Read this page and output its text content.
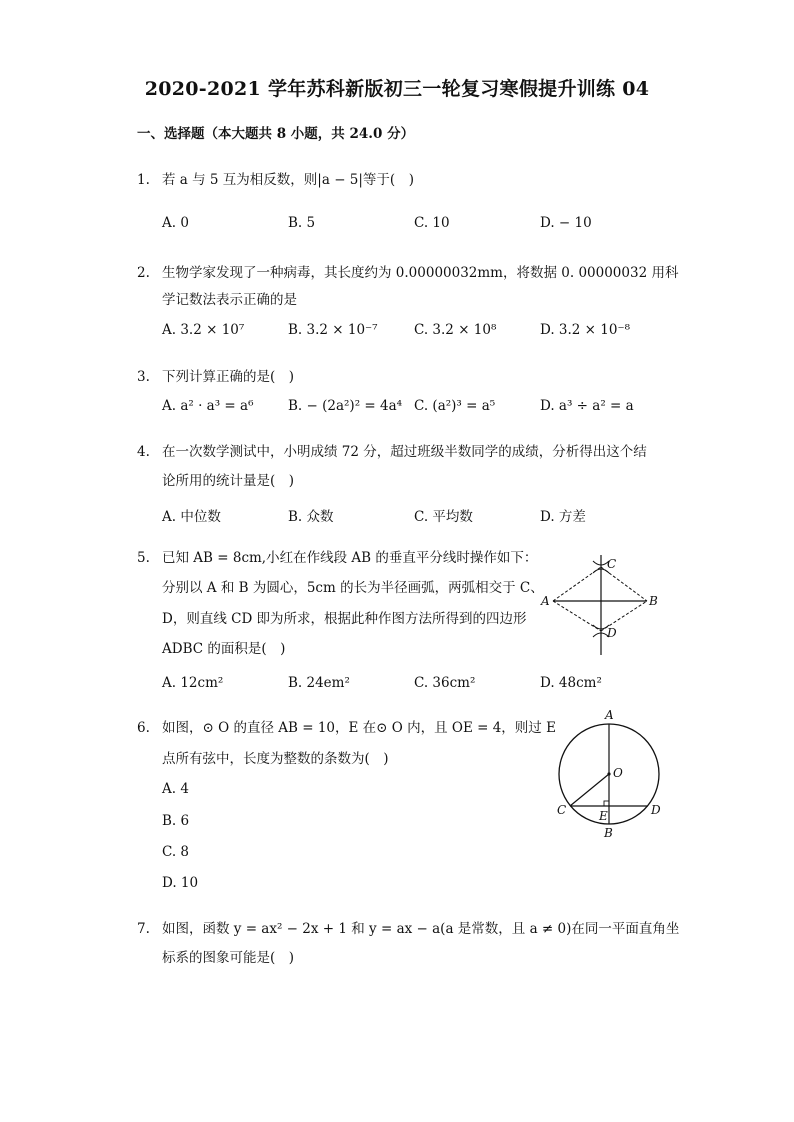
2020-2021 学年苏科新版初三一轮复习寒假提升训练 04
一、选择题（本大题共 8 小题，共 24.0 分）
1. 若 a 与 5 互为相反数，则|a − 5|等于(　)
A. 0	B. 5	C. 10	D. − 10
2. 生物学家发现了一种病毒，其长度约为 0.00000032mm，将数据 0. 00000032 用科
学记数法表示正确的是
A. 3.2 × 10⁷	B. 3.2 × 10⁻⁷	C. 3.2 × 10⁸	D. 3.2 × 10⁻⁸
3. 下列计算正确的是(　)
A. a² · a³ = a⁶	B. − (2a²)² = 4a⁴ C. (a²)³ = a⁵	D. a³ ÷ a² = a
4. 在一次数学测试中，小明成绩 72 分，超过班级半数同学的成绩，分析得出这个结
论所用的统计量是(　)
A. 中位数	B. 众数	C. 平均数	D. 方差
5. 已知 AB = 8cm,小红在作线段 AB 的垂直平分线时操作如下：
分别以 A 和 B 为圆心，5cm 的长为半径画弧，两弧相交于 C、
D，则直线 CD 即为所求，根据此种作图方法所得到的四边形
ADBC 的面积是(　)
A. 12cm²	B. 24em²	C. 36cm²	D. 48cm²
C
A	B
D
6. 如图，⊙ O 的直径 AB = 10，E 在⊙ O 内，且 OE = 4，则过 E
点所有弦中，长度为整数的条数为(　)
A. 4
B. 6
C. 8
D. 10
A
O
C	E	D
B
7. 如图，函数 y = ax² − 2x + 1 和 y = ax − a(a 是常数，且 a ≠ 0)在同一平面直角坐
标系的图象可能是(　)
